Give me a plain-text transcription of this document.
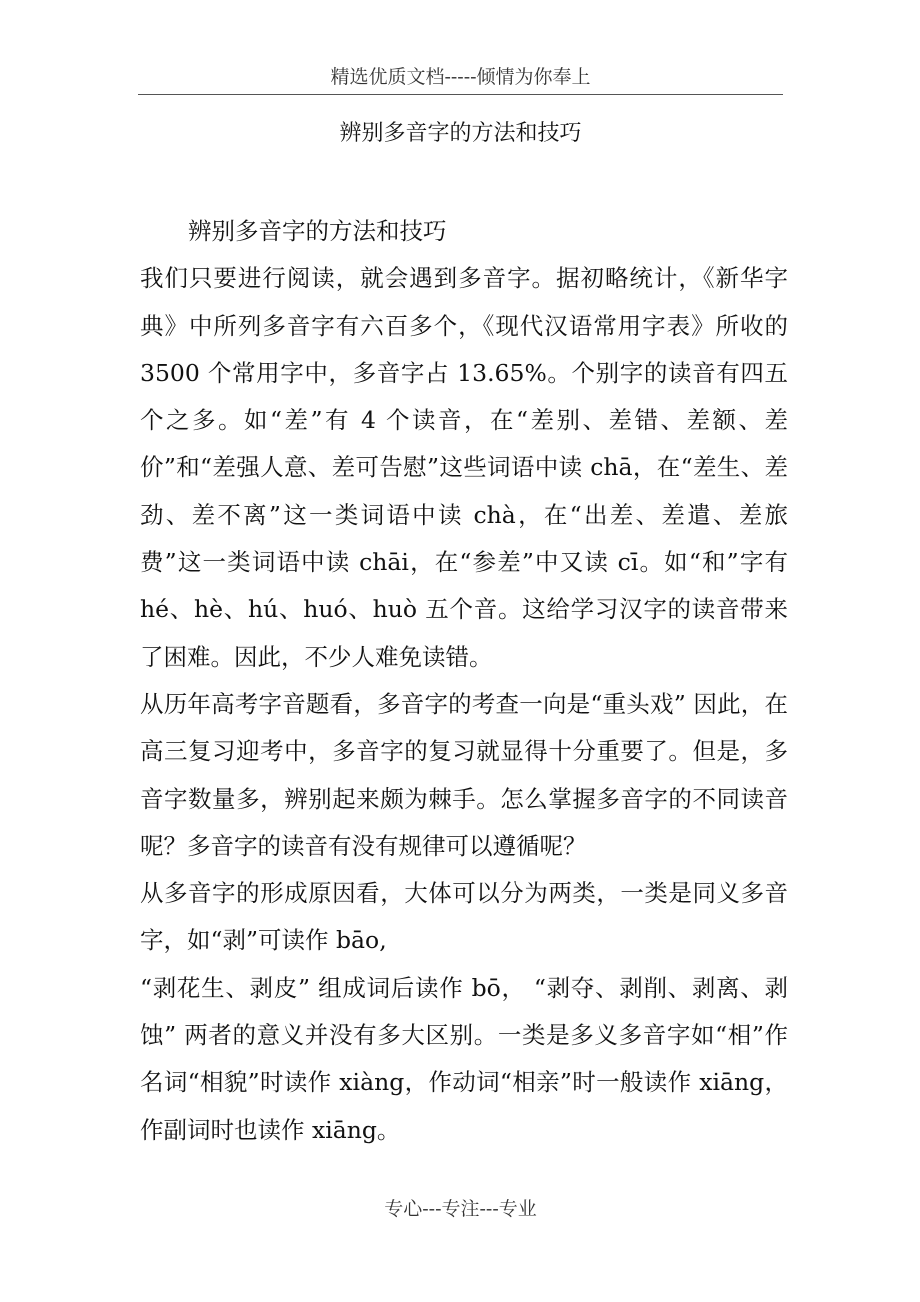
精选优质文档-----倾情为你奉上
辨别多音字的方法和技巧

辨别多音字的方法和技巧

我们只要进行阅读，就会遇到多音字。据初略统计，《新华字典》中所列多音字有六百多个，《现代汉语常用字表》所收的 3500 个常用字中，多音字占 13.65%。个别字的读音有四五个之多。如“差”有 4 个读音，在“差别、差错、差额、差价”和“差强人意、差可告慰”这些词语中读 chā，在“差生、差劲、差不离”这一类词语中读 chà，在“出差、差遣、差旅费”这一类词语中读 chāi，在“参差”中又读 cī。如“和”字有 hé、hè、hú、huó、huò 五个音。这给学习汉字的读音带来了困难。因此，不少人难免读错。

从历年高考字音题看，多音字的考查一向是“重头戏” 因此，在高三复习迎考中，多音字的复习就显得十分重要了。但是，多音字数量多，辨别起来颇为棘手。怎么掌握多音字的不同读音呢？多音字的读音有没有规律可以遵循呢？

从多音字的形成原因看，大体可以分为两类，一类是同义多音字，如“剥”可读作 bāo,

“剥花生、剥皮” 组成词后读作 bō， “剥夺、剥削、剥离、剥蚀” 两者的意义并没有多大区别。一类是多义多音字如“相”作名词“相貌”时读作 xiàng，作动词“相亲”时一般读作 xiāng，作副词时也读作 xiāng。

专心---专注---专业
